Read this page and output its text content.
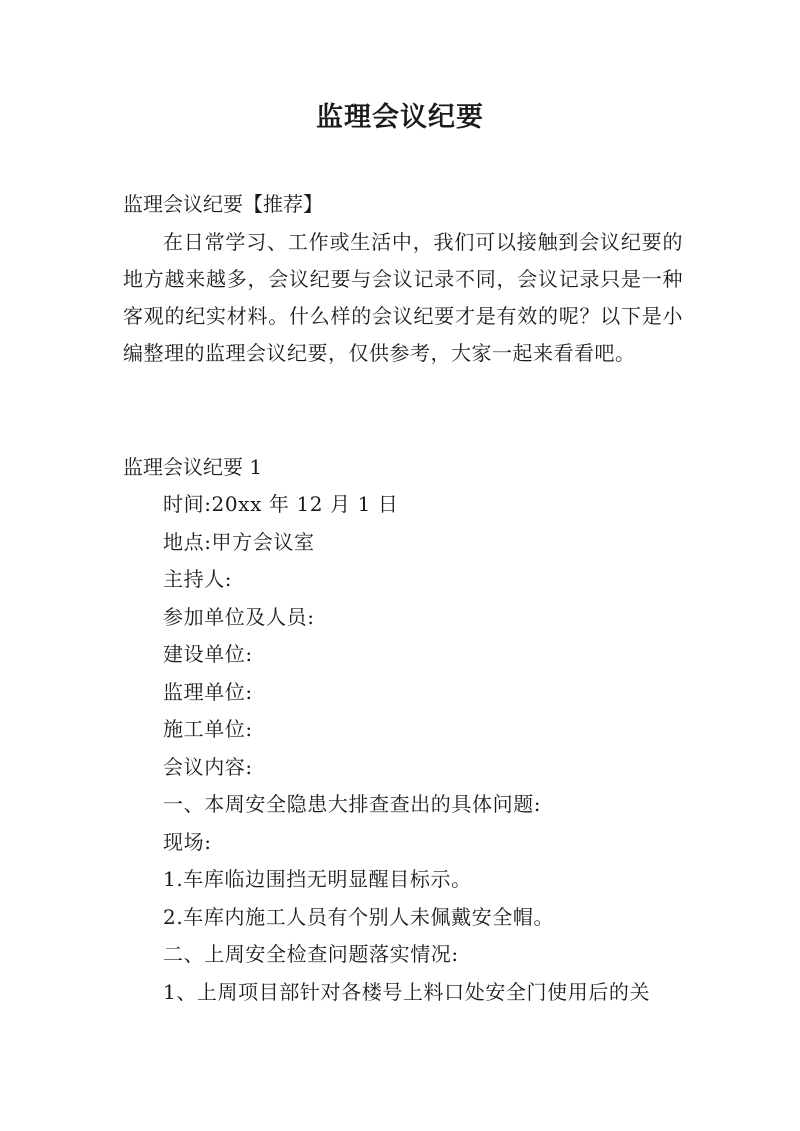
监理会议纪要

监理会议纪要【推荐】

在日常学习、工作或生活中，我们可以接触到会议纪要的地方越来越多，会议纪要与会议记录不同，会议记录只是一种客观的纪实材料。什么样的会议纪要才是有效的呢？以下是小编整理的监理会议纪要，仅供参考，大家一起来看看吧。

监理会议纪要 1

时间:20xx 年 12 月 1 日
地点:甲方会议室
主持人:
参加单位及人员:
建设单位:
监理单位:
施工单位:
会议内容:
一、本周安全隐患大排查查出的具体问题:
现场:
1.车库临边围挡无明显醒目标示。
2.车库内施工人员有个别人未佩戴安全帽。
二、上周安全检查问题落实情况:
1、上周项目部针对各楼号上料口处安全门使用后的关
